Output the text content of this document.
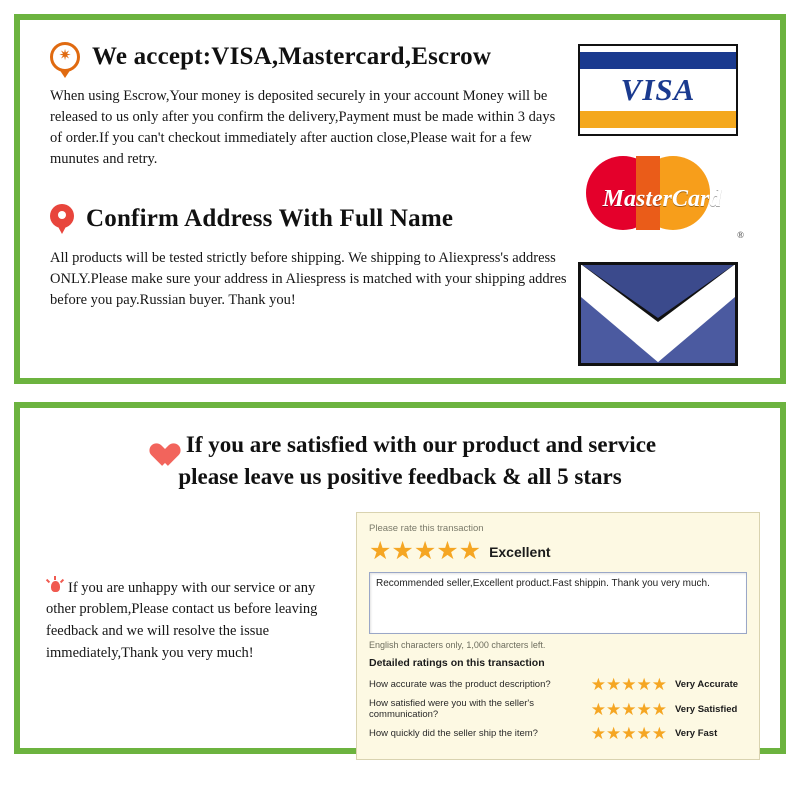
✷
We accept:VISA,Mastercard,Escrow

When using Escrow,Your money is deposited securely in your account Money will be released to us only after you confirm the delivery,Payment must be made within 3 days of order.If you can't checkout immediately after auction close,Please wait for a few munutes and retry.

Confirm Address With Full Name

All products will be tested strictly before shipping. We shipping to Aliexpress's address ONLY.Please make sure your address in Aliespress is matched with your shipping addres before you pay.Russian buyer. Thank you!

VISA
MasterCard
®
If you are satisfied with our product and service
please leave us positive feedback & all 5 stars

If you are unhappy with our service or any other problem,Please contact us before leaving feedback and we will resolve the issue immediately,Thank you very much!

Please rate this transaction
★★★★★ Excellent
Recommended seller,Excellent product.Fast shippin. Thank you very much.
English characters only, 1,000 charcters left.
Detailed ratings on this transaction
How accurate was the product description?	★★★★★ Very Accurate
How satisfied were you with the seller's communication?	★★★★★ Very Satisfied
How quickly did the seller ship the item?	★★★★★ Very Fast
